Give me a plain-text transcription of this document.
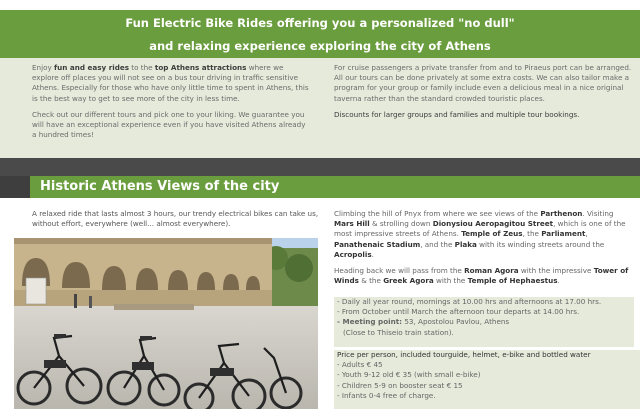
Fun Electric Bike Rides offering you a personalized "no dull"
and relaxing experience exploring the city of Athens

Enjoy fun and easy rides to the top Athens attractions where we explore off places you will not see on a bus tour driving in traffic sensitive Athens. Especially for those who have only little time to spent in Athens, this is the best way to get to see more of the city in less time.

Check out our different tours and pick one to your liking. We guarantee you will have an exceptional experience even if you have visited Athens already a hundred times!

For cruise passengers a private transfer from and to Piraeus port can be arranged. All our tours can be done privately at some extra costs. We can also tailor make a program for your group or family include even a delicious meal in a nice original taverna rather than the standard crowded touristic places.

Discounts for larger groups and families and multiple tour bookings.

Historic Athens Views of the city
A relaxed ride that lasts almost 3 hours, our trendy electrical bikes can take us, without effort, everywhere (well... almost everywhere).

Climbing the hill of Pnyx from where we see views of the Parthenon. Visiting Mars Hill & strolling down Dionysiou Aeropagitou Street, which is one of the most impressive streets of Athens. Temple of Zeus, the Parliament, Panathenaic Stadium, and the Plaka with its winding streets around the Acropolis.

Heading back we will pass from the Roman Agora with the impressive Tower of Winds & the Greek Agora with the Temple of Hephaestus.

- Daily all year round, mornings at 10.00 hrs and afternoons at 17.00 hrs.
- From October until March the afternoon tour departs at 14.00 hrs.
- Meeting point: 53, Apostolou Pavlou, Athens
(Close to Thiseio train station).
Price per person, included tourguide, helmet, e-bike and bottled water
- Adults € 45
- Youth 9-12 old € 35 (with small e-bike)
- Children 5-9 on booster seat € 15
- Infants 0-4 free of charge.
